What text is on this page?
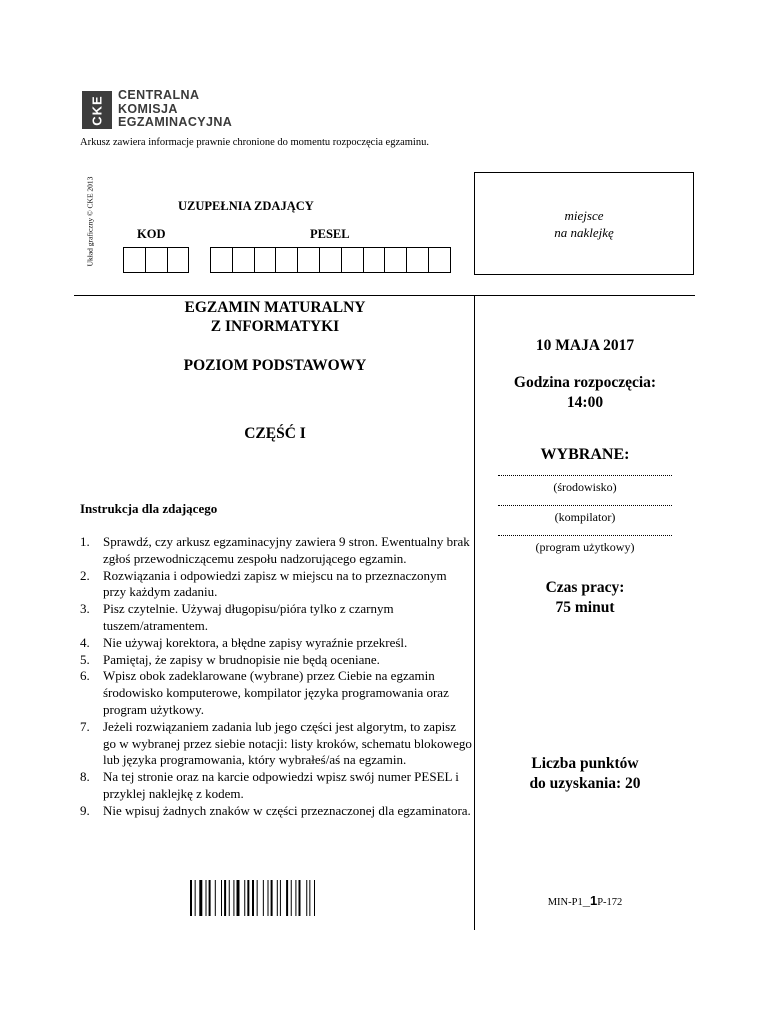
CKE CENTRALNA
KOMISJA
EGZAMINACYJNA
Arkusz zawiera informacje prawnie chronione do momentu rozpoczęcia egzaminu.
Układ graficzny © CKE 2013	UZUPEŁNIA ZDAJĄCY
KOD	PESEL
miejsce
na naklejkę
EGZAMIN MATURALNY
Z INFORMATYKI
POZIOM PODSTAWOWY
CZĘŚĆ I
Instrukcja dla zdającego
1.	Sprawdź, czy arkusz egzaminacyjny zawiera 9 stron. Ewentualny brak zgłoś przewodniczącemu zespołu nadzorującego egzamin.
2.	Rozwiązania i odpowiedzi zapisz w miejscu na to przeznaczonym przy każdym zadaniu.
3.	Pisz czytelnie. Używaj długopisu/pióra tylko z czarnym tuszem/atramentem.
4.	Nie używaj korektora, a błędne zapisy wyraźnie przekreśl.
5.	Pamiętaj, że zapisy w brudnopisie nie będą oceniane.
6.	Wpisz obok zadeklarowane (wybrane) przez Ciebie na egzamin środowisko komputerowe, kompilator języka programowania oraz program użytkowy.
7.	Jeżeli rozwiązaniem zadania lub jego części jest algorytm, to zapisz go w wybranej przez siebie notacji: listy kroków, schematu blokowego lub języka programowania, który wybrałeś/aś na egzamin.
8.	Na tej stronie oraz na karcie odpowiedzi wpisz swój numer PESEL i przyklej naklejkę z kodem.
9.	Nie wpisuj żadnych znaków w części przeznaczonej dla egzaminatora.
10 MAJA 2017
Godzina rozpoczęcia:
14:00
WYBRANE:
(środowisko)
(kompilator)
(program użytkowy)
Czas pracy:
75 minut
Liczba punktów
do uzyskania: 20
MIN-P1_1P-172
